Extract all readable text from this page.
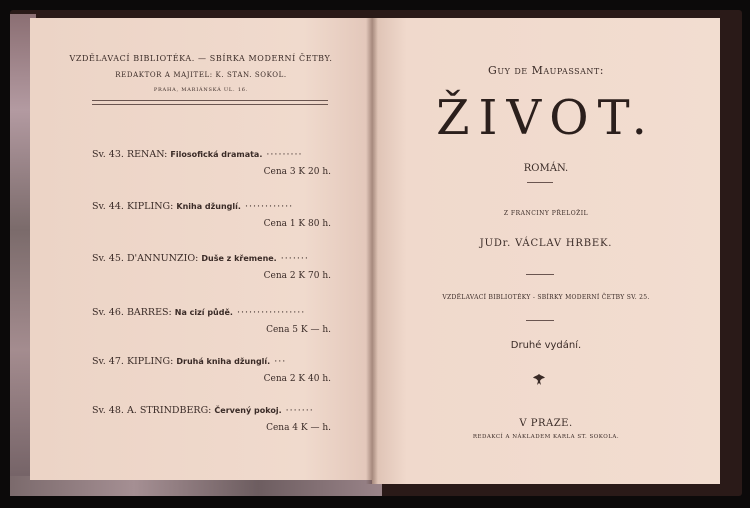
VZDĚLAVACÍ BIBLIOTÉKA. — SBÍRKA MODERNÍ ČETBY.
REDAKTOR A MAJITEL: K. STAN. SOKOL.
PRAHA, MARIÁNSKÁ UL. 16.
Sv. 43. RENAN: Filosofická dramata. ·········
Cena 3 K 20 h.
Sv. 44. KIPLING: Kniha džunglí. ············
Cena 1 K 80 h.
Sv. 45. D'ANNUNZIO: Duše z křemene. ·······
Cena 2 K 70 h.
Sv. 46. BARRES: Na cizí půdě. ·················
Cena 5 K — h.
Sv. 47. KIPLING: Druhá kniha džunglí. ···
Cena 2 K 40 h.
Sv. 48. A. STRINDBERG: Červený pokoj. ·······
Cena 4 K — h.
Guy de Maupassant:
ŽIVOT.
ROMÁN.
Z FRANCINY PŘELOŽIL
JUDr. VÁCLAV HRBEK.
VZDĚLAVACÍ BIBLIOTÉKY - SBÍRKY MODERNÍ ČETBY SV. 25.
Druhé vydání.
V PRAZE.
REDAKCÍ A NÁKLADEM KARLA ST. SOKOLA.
